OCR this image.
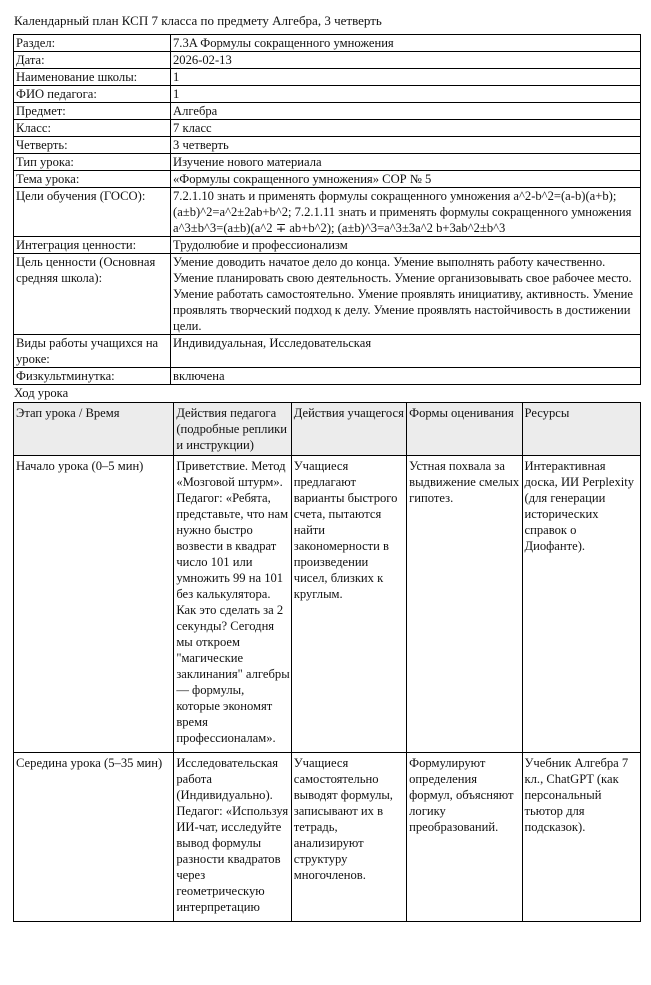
Календарный план КСП 7 класса по предмету Алгебра, 3 четверть
Раздел:	7.3A Формулы сокращенного умножения
Дата:	2026-02-13
Наименование школы:	1
ФИО педагога:	1
Предмет:	Алгебра
Класс:	7 класс
Четверть:	3 четверть
Тип урока:	Изучение нового материала
Тема урока:	«Формулы сокращенного умножения» СОР № 5
Цели обучения (ГОСО):	7.2.1.10 знать и применять формулы сокращенного умножения a^2-b^2=(a-b)(a+b); (a±b)^2=a^2±2ab+b^2; 7.2.1.11 знать и применять формулы сокращенного умножения a^3±b^3=(a±b)(a^2 ∓ ab+b^2); (a±b)^3=a^3±3a^2 b+3ab^2±b^3
Интеграция ценности:	Трудолюбие и профессионализм
Цель ценности (Основная средняя школа):	Умение доводить начатое дело до конца. Умение выполнять работу качественно. Умение планировать свою деятельность. Умение организовывать свое рабочее место. Умение работать самостоятельно. Умение проявлять инициативу, активность. Умение проявлять творческий подход к делу. Умение проявлять настойчивость в достижении цели.
Виды работы учащихся на уроке:	Индивидуальная, Исследовательская
Физкультминутка:	включена
Ход урока
Этап урока / Время	Действия педагога (подробные реплики и инструкции)	Действия учащегося	Формы оценивания	Ресурсы
Начало урока (0–5 мин)	Приветствие. Метод «Мозговой штурм». Педагог: «Ребята, представьте, что нам нужно быстро возвести в квадрат число 101 или умножить 99 на 101 без калькулятора. Как это сделать за 2 секунды? Сегодня мы откроем "магические заклинания" алгебры — формулы, которые экономят время профессионалам».	Учащиеся предлагают варианты быстрого счета, пытаются найти закономерности в произведении чисел, близких к круглым.	Устная похвала за выдвижение смелых гипотез.	Интерактивная доска, ИИ Perplexity (для генерации исторических справок о Диофанте).
Середина урока (5–35 мин)	Исследовательская работа (Индивидуально). Педагог: «Используя ИИ-чат, исследуйте вывод формулы разности квадратов через геометрическую интерпретацию	Учащиеся самостоятельно выводят формулы, записывают их в тетрадь, анализируют структуру многочленов.	Формулируют определения формул, объясняют логику преобразований.	Учебник Алгебра 7 кл., ChatGPT (как персональный тьютор для подсказок).
